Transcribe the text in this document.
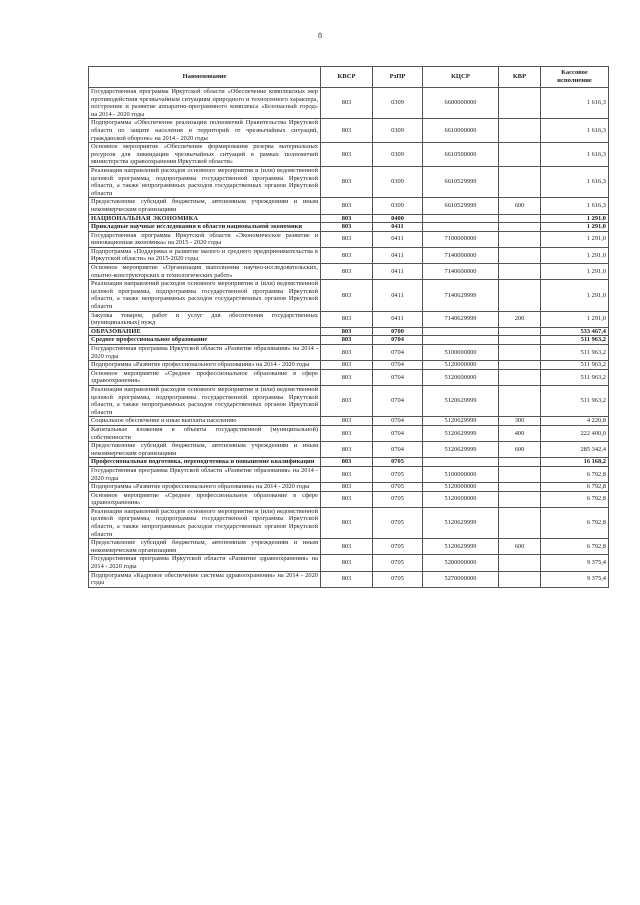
8
Наименование	КВСР	РзПР	КЦСР	КВР	Кассовое исполнение
Государственная программа Иркутской области «Обеспечение комплексных мер противодействия чрезвычайным ситуациям природного и техногенного характера, построение и развитие аппаратно-программного комплекса «Безопасный город» на 2014 - 2020 годы	803	0309	6600000000		1 616,3
Подпрограмма «Обеспечение реализации полномочий Правительства Иркутской области по защите населения и территорий от чрезвычайных ситуаций, гражданской обороне» на 2014 - 2020 годы	803	0309	6610000000		1 616,3
Основное мероприятие «Обеспечение формирования резерва материальных ресурсов для ликвидации чрезвычайных ситуаций в рамках полномочий министерства здравоохранения Иркутской области»	803	0309	6610500000		1 616,3
Реализация направлений расходов основного мероприятия и (или) ведомственной целевой программы, подпрограммы государственной программы Иркутской области, а также непрограммных расходов государственных органов Иркутской области	803	0309	6610529999		1 616,3
Предоставление субсидий бюджетным, автономным учреждениям и иным некоммерческим организациям	803	0309	6610529999	600	1 616,3
НАЦИОНАЛЬНАЯ ЭКОНОМИКА	803	0400			1 291,0
Прикладные научные исследования в области национальной экономики	803	0411			1 291,0
Государственная программа Иркутской области «Экономическое развитие и инновационная экономика» на 2015 - 2020 годы	803	0411	7100000000		1 291,0
Подпрограмма «Поддержка и развитие малого и среднего предпринимательства в Иркутской области» на 2015-2020 годы	803	0411	7140000000		1 291,0
Основное мероприятие «Организация выполнения научно-исследовательских, опытно-конструкторских и технологических работ»	803	0411	7140600000		1 291,0
Реализация направлений расходов основного мероприятия и (или) ведомственной целевой программы, подпрограммы государственной программы Иркутской области, а также непрограммных расходов государственных органов Иркутской области	803	0411	7140629999		1 291,0
Закупка товаров, работ и услуг для обеспечения государственных (муниципальных) нужд	803	0411	7140629999	200	1 291,0
ОБРАЗОВАНИЕ	803	0700			533 467,4
Среднее профессиональное образование	803	0704			511 963,2
Государственная программа Иркутской области «Развитие образования» на 2014 - 2020 годы	803	0704	5100000000		511 963,2
Подпрограмма «Развитие профессионального образования» на 2014 - 2020 годы	803	0704	5120000000		511 963,2
Основное мероприятие «Среднее профессиональное образование в сфере здравоохранения»	803	0704	5120600000		511 963,2
Реализация направлений расходов основного мероприятия и (или) ведомственной целевой программы, подпрограммы государственной программы Иркутской области, а также непрограммных расходов государственных органов Иркутской области	803	0704	5120629999		511 963,2
Социальное обеспечение и иные выплаты населению	803	0704	5120629999	300	4 220,8
Капитальные вложения в объекты государственной (муниципальной) собственности	803	0704	5120629999	400	222 400,0
Предоставление субсидий бюджетным, автономным учреждениям и иным некоммерческим организациям	803	0704	5120629999	600	285 342,4
Профессиональная подготовка, переподготовка и повышение квалификации	803	0705			16 168,2
Государственная программа Иркутской области «Развитие образования» на 2014 - 2020 годы	803	0705	5100000000		6 792,8
Подпрограмма «Развитие профессионального образования» на 2014 - 2020 годы	803	0705	5120000000		6 792,8
Основное мероприятие «Среднее профессиональное образование в сфере здравоохранения»	803	0705	5120600000		6 792,8
Реализация направлений расходов основного мероприятия и (или) ведомственной целевой программы, подпрограммы государственной программы Иркутской области, а также непрограммных расходов государственных органов Иркутской области	803	0705	5120629999		6 792,8
Предоставление субсидий бюджетным, автономным учреждениям и иным некоммерческим организациям	803	0705	5120629999	600	6 792,8
Государственная программа Иркутской области «Развитие здравоохранения» на 2014 - 2020 годы	803	0705	5200000000		9 375,4
Подпрограмма «Кадровое обеспечение системы здравоохранения» на 2014 - 2020 годы	803	0705	5270000000		9 375,4
